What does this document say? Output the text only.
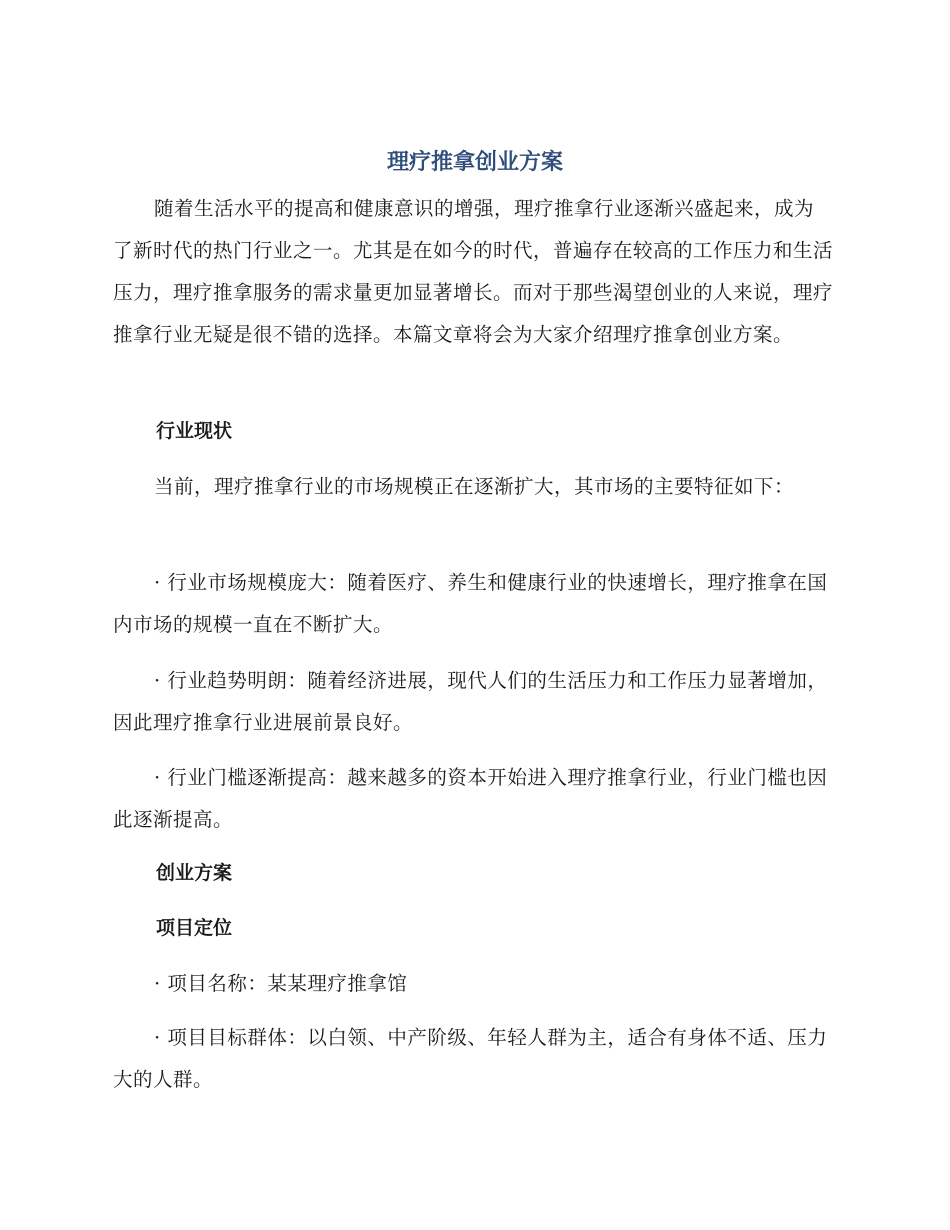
理疗推拿创业方案

随着生活水平的提高和健康意识的增强，理疗推拿行业逐渐兴盛起来，成为了新时代的热门行业之一。尤其是在如今的时代，普遍存在较高的工作压力和生活压力，理疗推拿服务的需求量更加显著增长。而对于那些渴望创业的人来说，理疗推拿行业无疑是很不错的选择。本篇文章将会为大家介绍理疗推拿创业方案。

行业现状

当前，理疗推拿行业的市场规模正在逐渐扩大，其市场的主要特征如下：

· 行业市场规模庞大：随着医疗、养生和健康行业的快速增长，理疗推拿在国内市场的规模一直在不断扩大。

· 行业趋势明朗：随着经济进展，现代人们的生活压力和工作压力显著增加，因此理疗推拿行业进展前景良好。

· 行业门槛逐渐提高：越来越多的资本开始进入理疗推拿行业，行业门槛也因此逐渐提高。

创业方案
项目定位

· 项目名称：某某理疗推拿馆

· 项目目标群体：以白领、中产阶级、年轻人群为主，适合有身体不适、压力大的人群。
